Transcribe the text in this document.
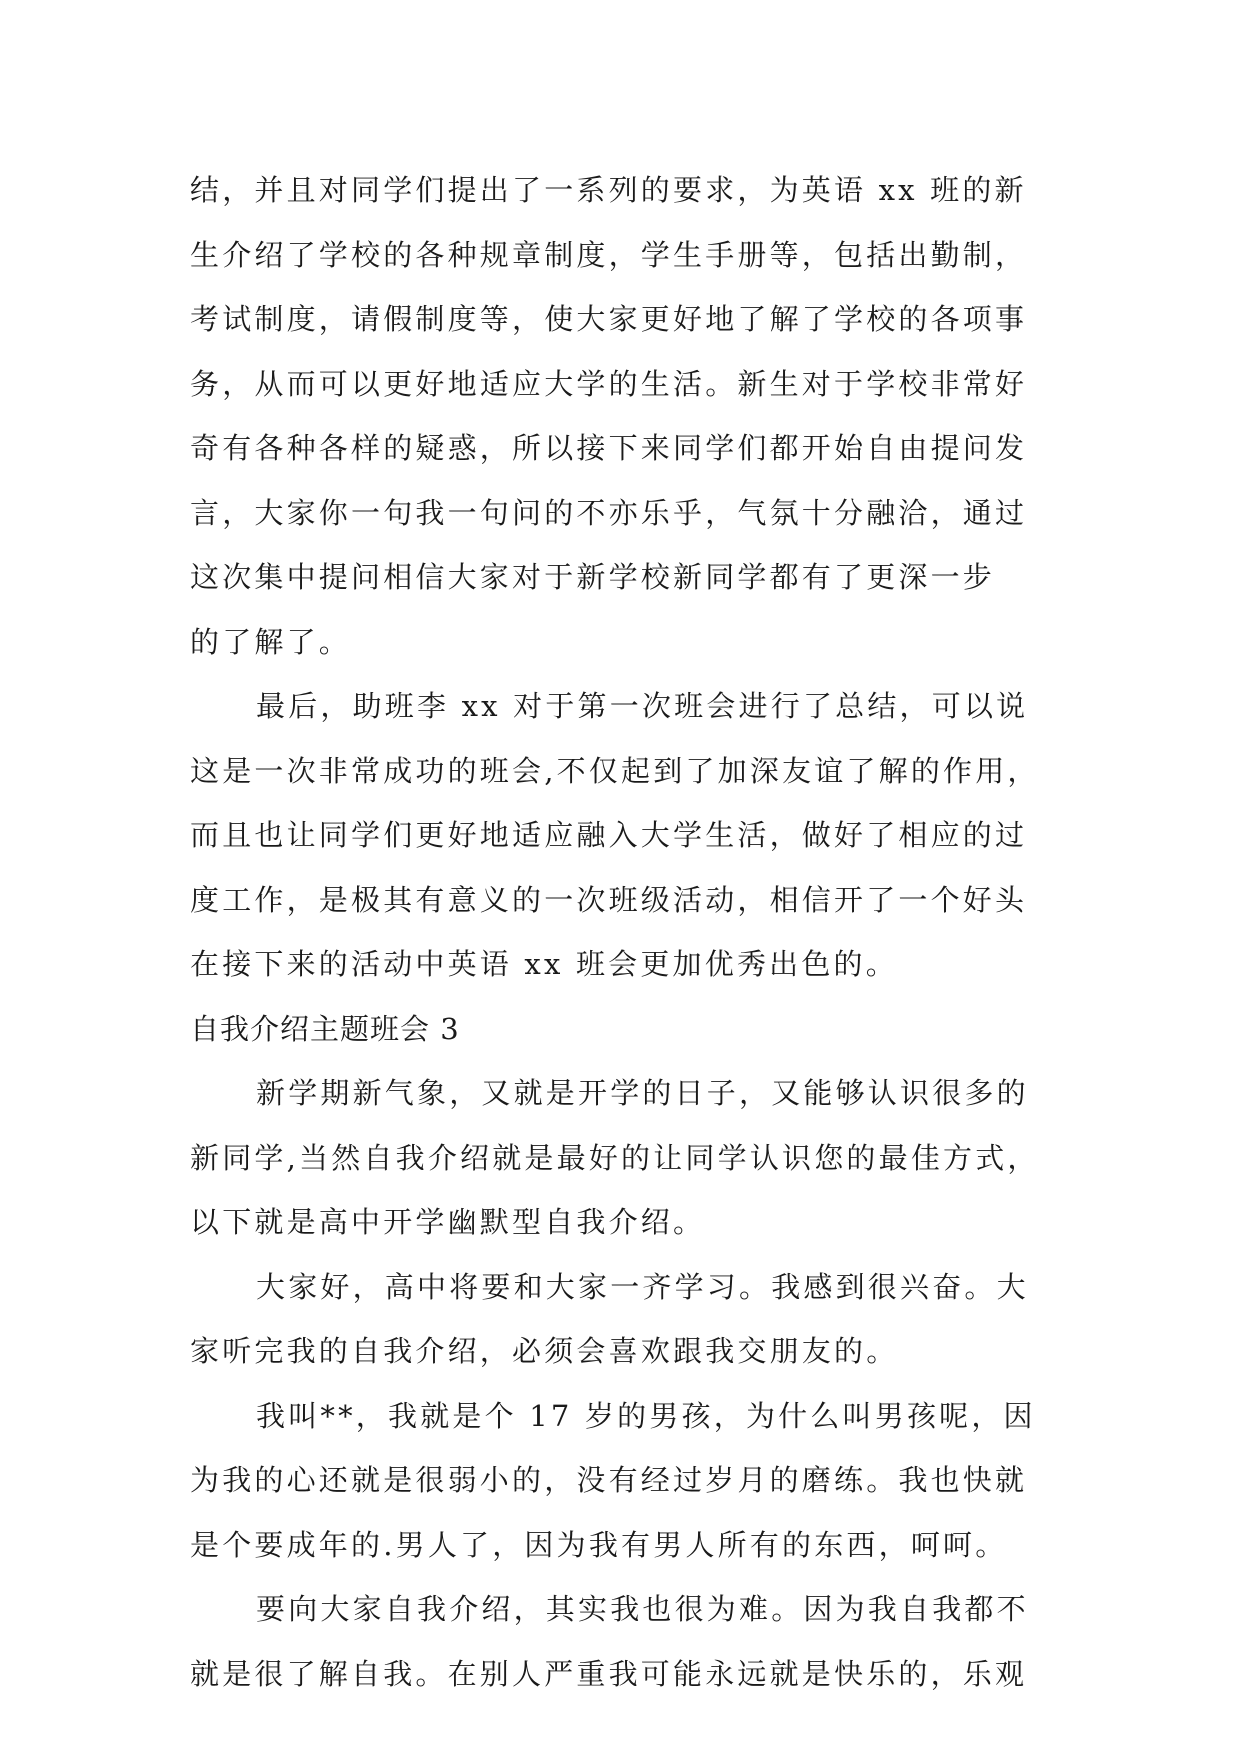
结，并且对同学们提出了一系列的要求，为英语 xx 班的新
生介绍了学校的各种规章制度，学生手册等，包括出勤制，
考试制度，请假制度等，使大家更好地了解了学校的各项事
务，从而可以更好地适应大学的生活。新生对于学校非常好
奇有各种各样的疑惑，所以接下来同学们都开始自由提问发
言，大家你一句我一句问的不亦乐乎，气氛十分融洽，通过
这次集中提问相信大家对于新学校新同学都有了更深一步
的了解了。
最后，助班李 xx 对于第一次班会进行了总结，可以说
这是一次非常成功的班会,不仅起到了加深友谊了解的作用，
而且也让同学们更好地适应融入大学生活，做好了相应的过
度工作，是极其有意义的一次班级活动，相信开了一个好头
在接下来的活动中英语 xx 班会更加优秀出色的。
自我介绍主题班会 3
新学期新气象，又就是开学的日子，又能够认识很多的
新同学,当然自我介绍就是最好的让同学认识您的最佳方式，
以下就是高中开学幽默型自我介绍。
大家好，高中将要和大家一齐学习。我感到很兴奋。大
家听完我的自我介绍，必须会喜欢跟我交朋友的。
我叫**，我就是个 17 岁的男孩，为什么叫男孩呢，因
为我的心还就是很弱小的，没有经过岁月的磨练。我也快就
是个要成年的.男人了，因为我有男人所有的东西，呵呵。
要向大家自我介绍，其实我也很为难。因为我自我都不
就是很了解自我。在别人严重我可能永远就是快乐的，乐观
